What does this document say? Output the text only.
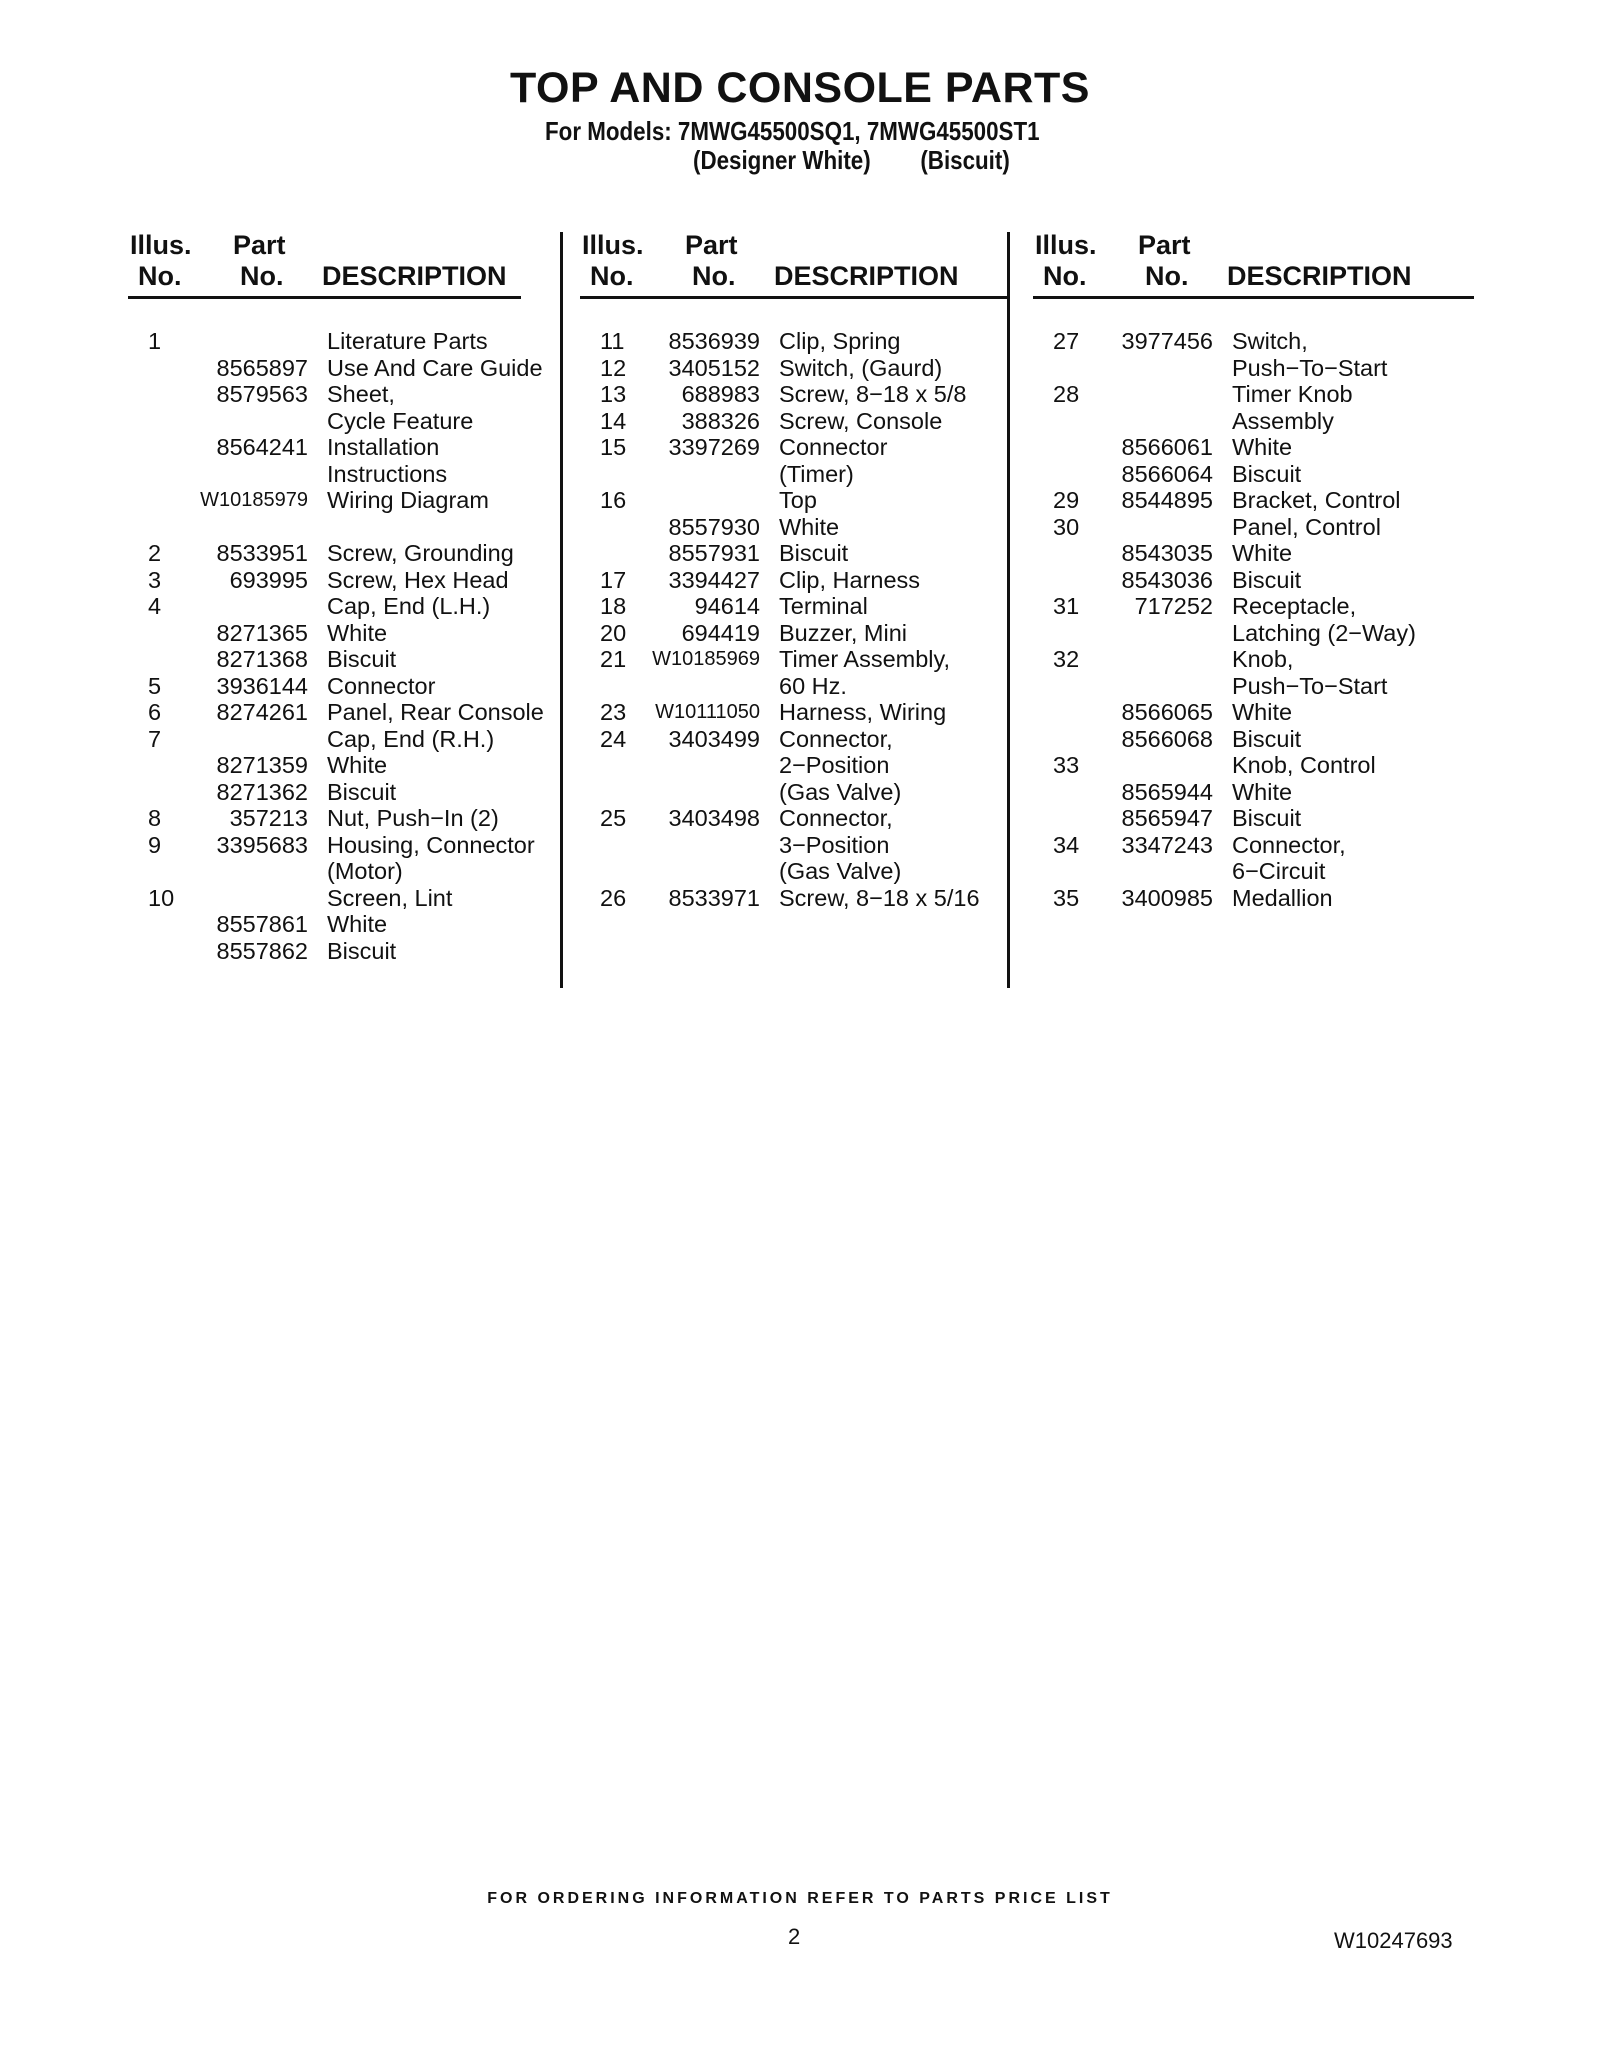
TOP AND CONSOLE PARTS
For Models: 7MWG45500SQ1, 7MWG45500ST1
(Designer White)        (Biscuit)
Illus.
No.
Part
No. DESCRIPTION
1	Literature Parts
8565897 Use And Care Guide
8579563 Sheet,
Cycle Feature
8564241 Installation
Instructions
W10185979 Wiring Diagram
2 8533951 Screw, Grounding
3	693995 Screw, Hex Head
4	Cap, End (L.H.)
8271365 White
8271368 Biscuit
5 3936144 Connector
6 8274261 Panel, Rear Console
7	Cap, End (R.H.)
8271359 White
8271362 Biscuit
8	357213 Nut, Push−In (2)
9 3395683 Housing, Connector
(Motor)
10	Screen, Lint
8557861 White
8557862 Biscuit
Illus.
No.
Part
No. DESCRIPTION
11 8536939 Clip, Spring
12 3405152 Switch, (Gaurd)
13 688983 Screw, 8−18 x 5/8
14 388326 Screw, Console
15 3397269 Connector
(Timer)
16	Top
8557930 White
8557931 Biscuit
17 3394427 Clip, Harness
18	94614 Terminal
20 694419 Buzzer, Mini
21 W10185969 Timer Assembly,
60 Hz.
23 W10111050 Harness, Wiring
24 3403499 Connector,
2−Position
(Gas Valve)
25 3403498 Connector,
3−Position
(Gas Valve)
26 8533971 Screw, 8−18 x 5/16
Illus.
No.
Part
No. DESCRIPTION
27 3977456 Switch,
Push−To−Start
28	Timer Knob
Assembly
8566061 White
8566064 Biscuit
29 8544895 Bracket, Control
30	Panel, Control
8543035 White
8543036 Biscuit
31 717252 Receptacle,
Latching (2−Way)
32	Knob,
Push−To−Start
8566065 White
8566068 Biscuit
33	Knob, Control
8565944 White
8565947 Biscuit
34 3347243 Connector,
6−Circuit
35 3400985 Medallion
FOR ORDERING INFORMATION REFER TO PARTS PRICE LIST
2	W10247693
